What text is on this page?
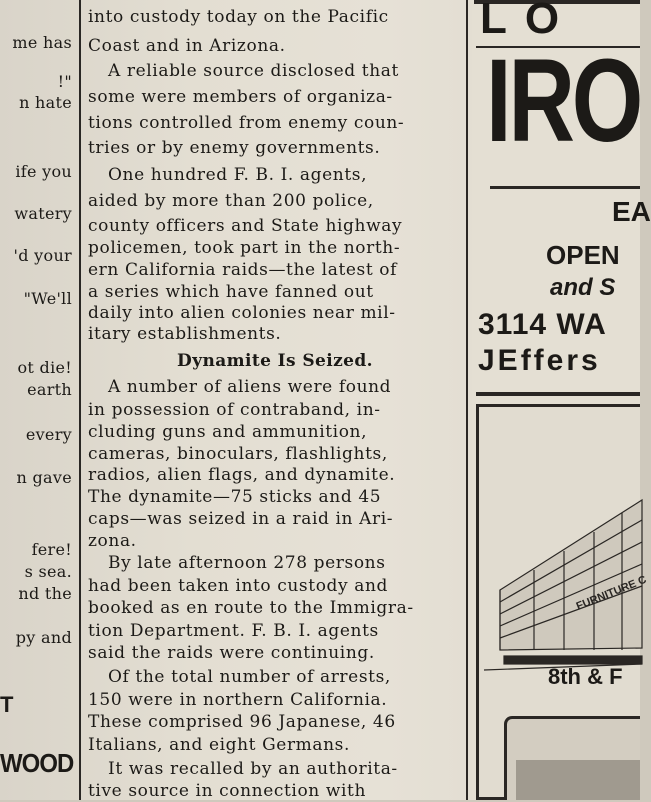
me has
!"
n hate
ife you
watery
'd your
"We'll
ot die!
earth
every
n gave
fere!
s sea.
nd the
py and
T
WOOD
into custody today on the Pacific
Coast and in Arizona.
A reliable source disclosed that
some were members of organiza-
tions controlled from enemy coun-
tries or by enemy governments.
One hundred F. B. I. agents,
aided by more than 200 police,
county officers and State highway
policemen, took part in the north-
ern California raids—the latest of
a series which have fanned out
daily into alien colonies near mil-
itary establishments.
Dynamite Is Seized.
A number of aliens were found
in possession of contraband, in-
cluding guns and ammunition,
cameras, binoculars, flashlights,
radios, alien flags, and dynamite.
The dynamite—75 sticks and 45
caps—was seized in a raid in Ari-
zona.
By late afternoon 278 persons
had been taken into custody and
booked as en route to the Immigra-
tion Department. F. B. I. agents
said the raids were continuing.
Of the total number of arrests,
150 were in northern California.
These comprised 96 Japanese, 46
Italians, and eight Germans.
It was recalled by an authorita-
tive source in connection with
LO
IRO
EA
OPEN
and S
3114 WA
JEffers
FURNITURE C
8th & F
